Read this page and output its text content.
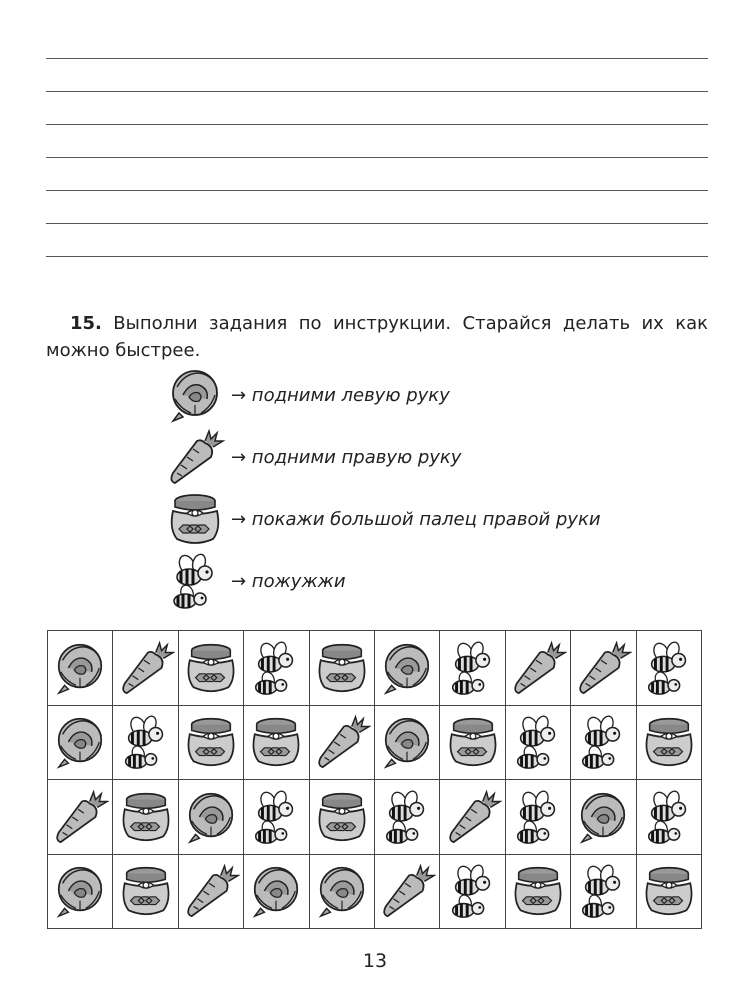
15. Выполни задания по инструкции. Старайся делать их как можно быстрее.
→ подними левую руку
→ подними правую руку
→ покажи большой палец правой руки
→ пожужжи

13
